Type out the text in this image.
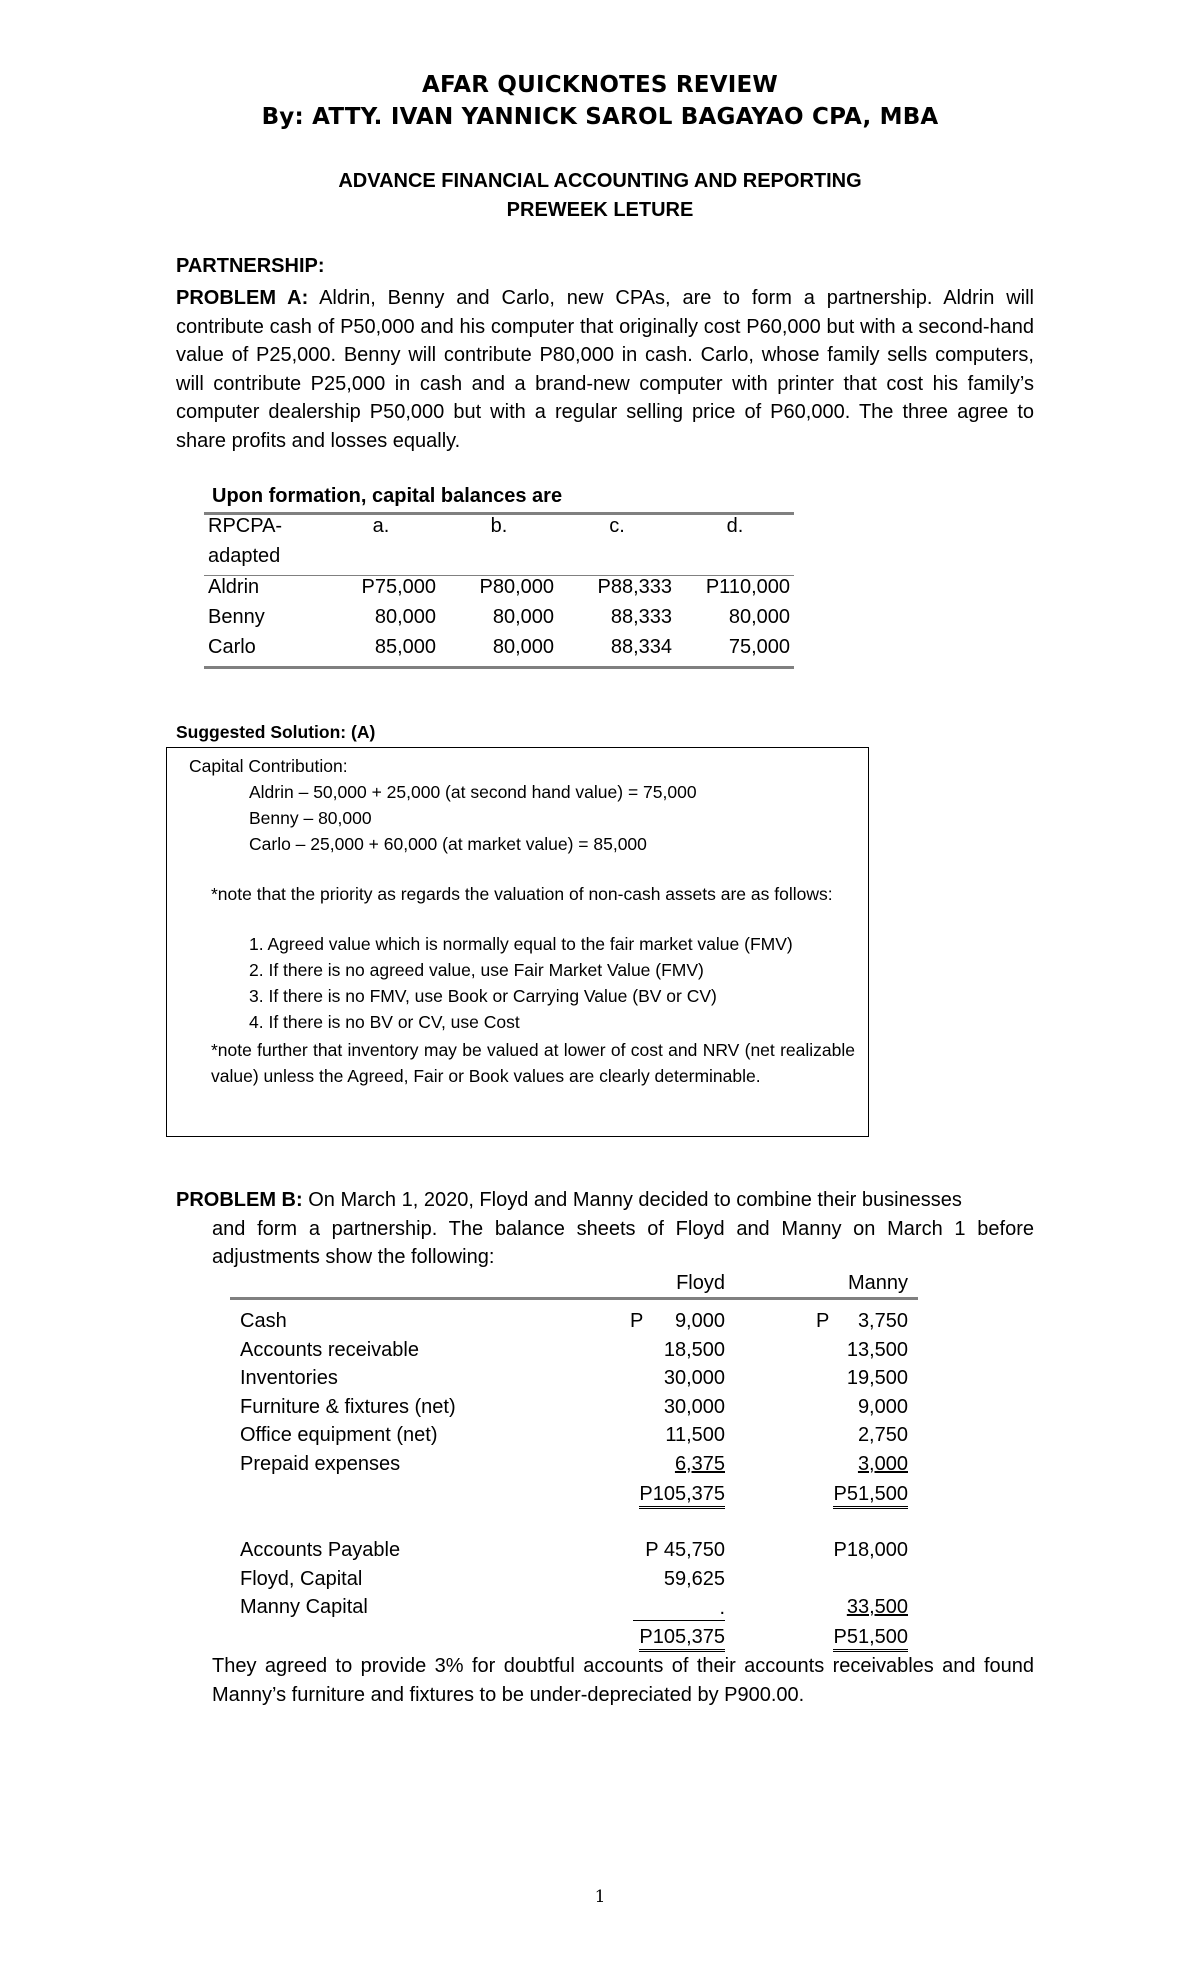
AFAR QUICKNOTES REVIEW
By: ATTY. IVAN YANNICK SAROL BAGAYAO CPA, MBA
ADVANCE FINANCIAL ACCOUNTING AND REPORTING
PREWEEK LETURE
PARTNERSHIP:
PROBLEM A: Aldrin, Benny and Carlo, new CPAs, are to form a partnership. Aldrin will contribute cash of P50,000 and his computer that originally cost P60,000 but with a second-hand value of P25,000. Benny will contribute P80,000 in cash. Carlo, whose family sells computers, will contribute P25,000 in cash and a brand-new computer with printer that cost his family’s computer dealership P50,000 but with a regular selling price of P60,000. The three agree to share profits and losses equally.
Upon formation, capital balances are
RPCPA-	a.	b.	c.	d.
adapted				
Aldrin	P75,000	P80,000	P88,333	P110,000
Benny	80,000	80,000	88,333	80,000
Carlo	85,000	80,000	88,334	75,000
Suggested Solution: (A)
Capital Contribution:
Aldrin – 50,000 + 25,000 (at second hand value) = 75,000
Benny – 80,000
Carlo – 25,000 + 60,000 (at market value) = 85,000
*note that the priority as regards the valuation of non-cash assets are as follows:
1. Agreed value which is normally equal to the fair market value (FMV)
2. If there is no agreed value, use Fair Market Value (FMV)
3. If there is no FMV, use Book or Carrying Value (BV or CV)
4. If there is no BV or CV, use Cost
*note further that inventory may be valued at lower of cost and NRV (net realizable value) unless the Agreed, Fair or Book values are clearly determinable.
PROBLEM B: On March 1, 2020, Floyd and Manny decided to combine their businesses
and form a partnership. The balance sheets of Floyd and Manny on March 1 before adjustments show the following:
Floyd	Manny
Cash	P 9,000	P 3,750
Accounts receivable	18,500	13,500
Inventories	30,000	19,500
Furniture & fixtures (net)	30,000	9,000
Office equipment (net)	11,500	2,750
Prepaid expenses	6,375	3,000
P105,375	P51,500
Accounts Payable	P 45,750	P18,000
Floyd, Capital	59,625
Manny Capital	.	33,500
P105,375	P51,500
They agreed to provide 3% for doubtful accounts of their accounts receivables and found Manny’s furniture and fixtures to be under-depreciated by P900.00.
1
